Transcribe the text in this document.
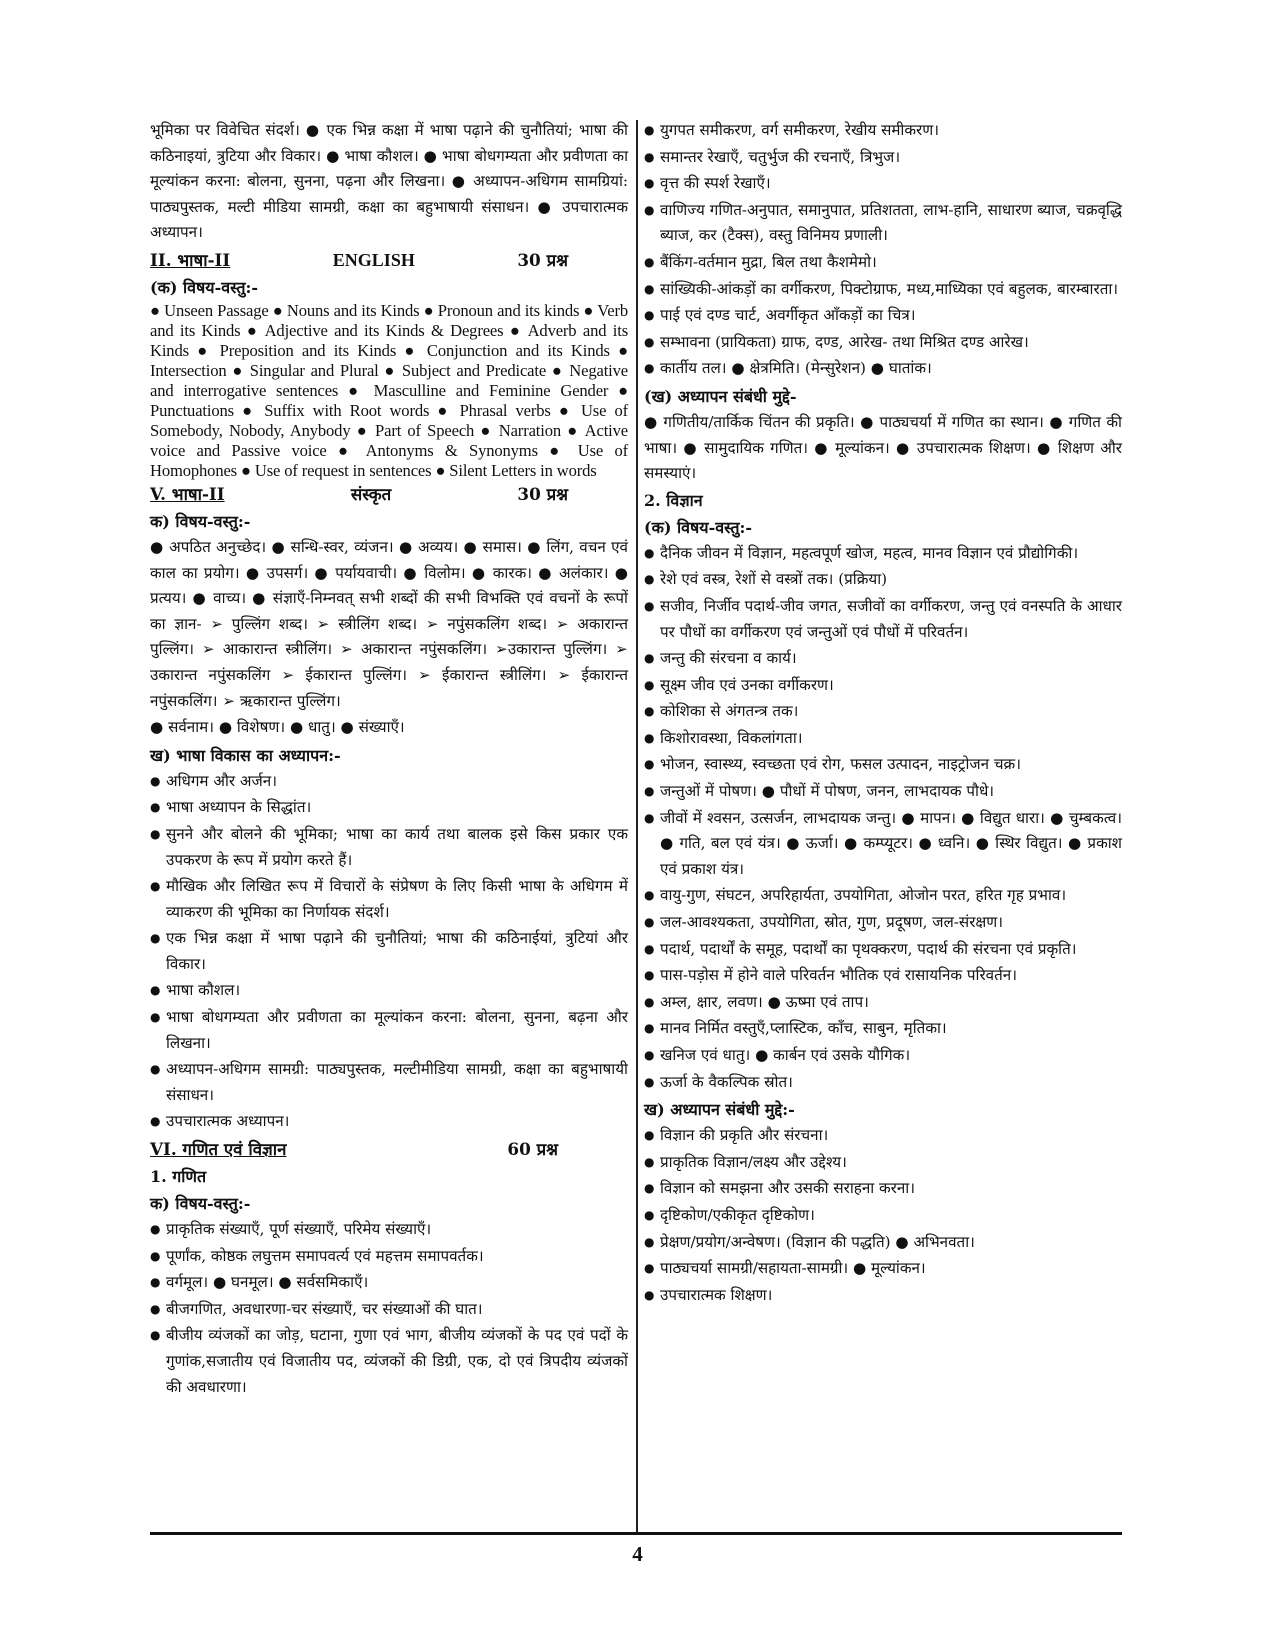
भूमिका पर विवेचित संदर्श। ● एक भिन्न कक्षा में भाषा पढ़ाने की चुनौतियां; भाषा की कठिनाइयां, त्रुटिया और विकार। ● भाषा कौशल। ● भाषा बोधगम्यता और प्रवीणता का मूल्यांकन करना: बोलना, सुनना, पढ़ना और लिखना। ● अध्यापन-अधिगम सामग्रियां: पाठ्यपुस्तक, मल्टी मीडिया सामग्री, कक्षा का बहुभाषायी संसाधन। ● उपचारात्मक अध्यापन।

II. भाषा-II	ENGLISH	30 प्रश्न
(क) विषय-वस्तु:-

● Unseen Passage ● Nouns and its Kinds ● Pronoun and its kinds ● Verb and its Kinds ● Adjective and its Kinds & Degrees ● Adverb and its Kinds ● Preposition and its Kinds ● Conjunction and its Kinds ● Intersection ● Singular and Plural ● Subject and Predicate ● Negative and interrogative sentences ● Masculline and Feminine Gender ● Punctuations ● Suffix with Root words ● Phrasal verbs ● Use of Somebody, Nobody, Anybody ● Part of Speech ● Narration ● Active voice and Passive voice ● Antonyms & Synonyms ● Use of Homophones ● Use of request in sentences ● Silent Letters in words

V. भाषा-II	संस्कृत	30 प्रश्न
क) विषय-वस्तु:-

● अपठित अनुच्छेद। ● सन्धि-स्वर, व्यंजन। ● अव्यय। ● समास। ● लिंग, वचन एवं काल का प्रयोग। ● उपसर्ग। ● पर्यायवाची। ● विलोम। ● कारक। ● अलंकार। ● प्रत्यय। ● वाच्य। ● संज्ञाएँ-निम्नवत् सभी शब्दों की सभी विभक्ति एवं वचनों के रूपों का ज्ञान- ➢ पुल्लिंग शब्द। ➢ स्त्रीलिंग शब्द। ➢ नपुंसकलिंग शब्द। ➢ अकारान्त पुल्लिंग। ➢ आकारान्त स्त्रीलिंग। ➢ अकारान्त नपुंसकलिंग। ➢उकारान्त पुल्लिंग। ➢ उकारान्त नपुंसकलिंग ➢ ईकारान्त पुल्लिंग। ➢ ईकारान्त स्त्रीलिंग। ➢ ईकारान्त नपुंसकलिंग। ➢ ऋकारान्त पुल्लिंग।

● सर्वनाम। ● विशेषण। ● धातु। ● संख्याएँ।

ख) भाषा विकास का अध्यापन:-
● अधिगम और अर्जन।
● भाषा अध्यापन के सिद्धांत।
● सुनने और बोलने की भूमिका; भाषा का कार्य तथा बालक इसे किस प्रकार एक उपकरण के रूप में प्रयोग करते हैं।
● मौखिक और लिखित रूप में विचारों के संप्रेषण के लिए किसी भाषा के अधिगम में व्याकरण की भूमिका का निर्णायक संदर्श।
● एक भिन्न कक्षा में भाषा पढ़ाने की चुनौतियां; भाषा की कठिनाईयां, त्रुटियां और विकार।
● भाषा कौशल।
● भाषा बोधगम्यता और प्रवीणता का मूल्यांकन करना: बोलना, सुनना, बढ़ना और लिखना।
● अध्यापन-अधिगम सामग्री: पाठ्यपुस्तक, मल्टीमीडिया सामग्री, कक्षा का बहुभाषायी संसाधन।
● उपचारात्मक अध्यापन।
VI. गणित एवं विज्ञान	60 प्रश्न
1. गणित
क) विषय-वस्तु:-
● प्राकृतिक संख्याएँ, पूर्ण संख्याएँ, परिमेय संख्याएँ।
● पूर्णांक, कोष्ठक लघुत्तम समापवर्त्य एवं महत्तम समापवर्तक।
● वर्गमूल। ● घनमूल। ● सर्वसमिकाएँ।
● बीजगणित, अवधारणा-चर संख्याएँ, चर संख्याओं की घात।
● बीजीय व्यंजकों का जोड़, घटाना, गुणा एवं भाग, बीजीय व्यंजकों के पद एवं पदों के गुणांक,सजातीय एवं विजातीय पद, व्यंजकों की डिग्री, एक, दो एवं त्रिपदीय व्यंजकों की अवधारणा।
● युगपत समीकरण, वर्ग समीकरण, रेखीय समीकरण।
● समान्तर रेखाएँ, चतुर्भुज की रचनाएँ, त्रिभुज।
● वृत्त की स्पर्श रेखाएँ।
● वाणिज्य गणित-अनुपात, समानुपात, प्रतिशतता, लाभ-हानि, साधारण ब्याज, चक्रवृद्धि ब्याज, कर (टैक्स), वस्तु विनिमय प्रणाली।
● बैंकिंग-वर्तमान मुद्रा, बिल तथा कैशमेमो।
● सांख्यिकी-आंकड़ों का वर्गीकरण, पिक्टोग्राफ, मध्य,माध्यिका एवं बहुलक, बारम्बारता।
● पाई एवं दण्ड चार्ट, अवर्गीकृत आँकड़ों का चित्र।
● सम्भावना (प्रायिकता) ग्राफ, दण्ड, आरेख- तथा मिश्रित दण्ड आरेख।
● कार्तीय तल। ● क्षेत्रमिति। (मेन्सुरेशन) ● घातांक।
(ख) अध्यापन संबंधी मुद्दे-

● गणितीय/तार्किक चिंतन की प्रकृति। ● पाठ्यचर्या में गणित का स्थान। ● गणित की भाषा। ● सामुदायिक गणित। ● मूल्यांकन। ● उपचारात्मक शिक्षण। ● शिक्षण और समस्याएं।

2. विज्ञान
(क) विषय-वस्तु:-
● दैनिक जीवन में विज्ञान, महत्वपूर्ण खोज, महत्व, मानव विज्ञान एवं प्रौद्योगिकी।
● रेशे एवं वस्त्र, रेशों से वस्त्रों तक। (प्रक्रिया)
● सजीव, निर्जीव पदार्थ-जीव जगत, सजीवों का वर्गीकरण, जन्तु एवं वनस्पति के आधार पर पौधों का वर्गीकरण एवं जन्तुओं एवं पौधों में परिवर्तन।
● जन्तु की संरचना व कार्य।
● सूक्ष्म जीव एवं उनका वर्गीकरण।
● कोशिका से अंगतन्त्र तक।
● किशोरावस्था, विकलांगता।
● भोजन, स्वास्थ्य, स्वच्छता एवं रोग, फसल उत्पादन, नाइट्रोजन चक्र।
● जन्तुओं में पोषण। ● पौधों में पोषण, जनन, लाभदायक पौधे।
● जीवों में श्वसन, उत्सर्जन, लाभदायक जन्तु। ● मापन। ● विद्युत धारा। ● चुम्बकत्व। ● गति, बल एवं यंत्र। ● ऊर्जा। ● कम्प्यूटर। ● ध्वनि। ● स्थिर विद्युत। ● प्रकाश एवं प्रकाश यंत्र।
● वायु-गुण, संघटन, अपरिहार्यता, उपयोगिता, ओजोन परत, हरित गृह प्रभाव।
● जल-आवश्यकता, उपयोगिता, स्रोत, गुण, प्रदूषण, जल-संरक्षण।
● पदार्थ, पदार्थों के समूह, पदार्थों का पृथक्करण, पदार्थ की संरचना एवं प्रकृति।
● पास-पड़ोस में होने वाले परिवर्तन भौतिक एवं रासायनिक परिवर्तन।
● अम्ल, क्षार, लवण। ● ऊष्मा एवं ताप।
● मानव निर्मित वस्तुएँ,प्लास्टिक, काँच, साबुन, मृतिका।
● खनिज एवं धातु। ● कार्बन एवं उसके यौगिक।
● ऊर्जा के वैकल्पिक स्रोत।
ख) अध्यापन संबंधी मुद्दे:-
● विज्ञान की प्रकृति और संरचना।
● प्राकृतिक विज्ञान/लक्ष्य और उद्देश्य।
● विज्ञान को समझना और उसकी सराहना करना।
● दृष्टिकोण/एकीकृत दृष्टिकोण।
● प्रेक्षण/प्रयोग/अन्वेषण। (विज्ञान की पद्धति) ● अभिनवता।
● पाठ्यचर्या सामग्री/सहायता-सामग्री। ● मूल्यांकन।
● उपचारात्मक शिक्षण।
4
